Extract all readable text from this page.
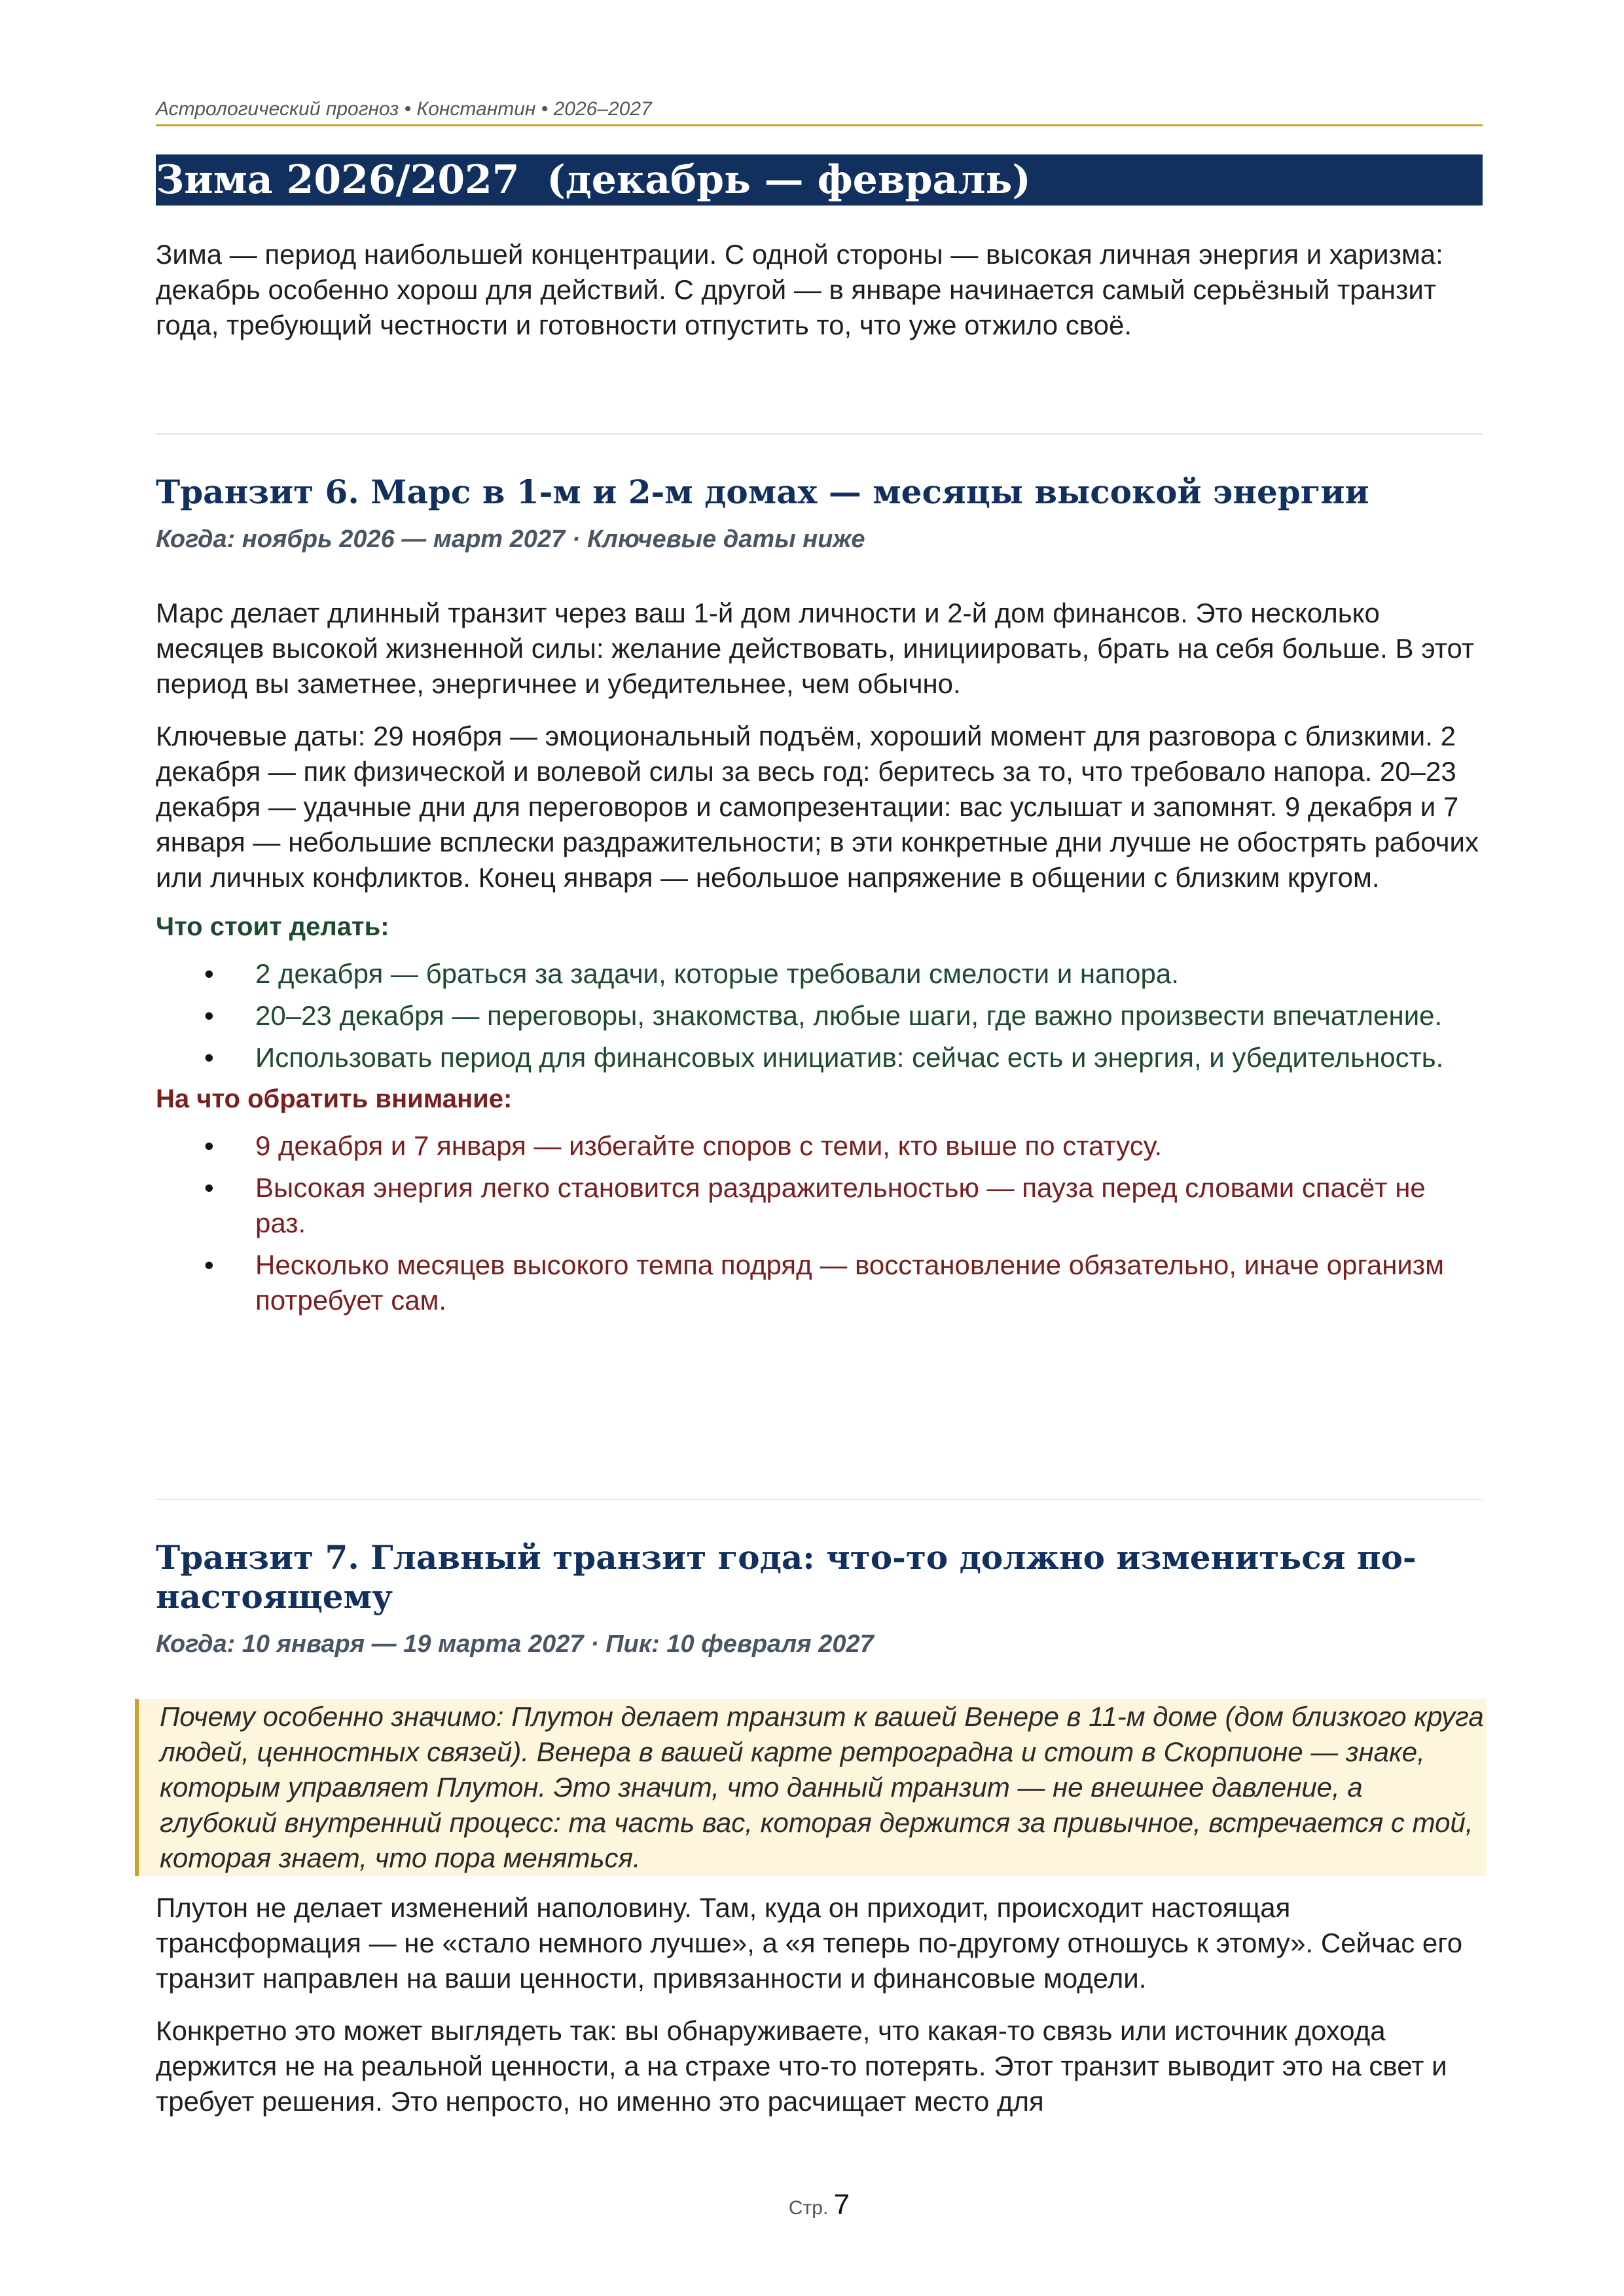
Астрологический прогноз • Константин • 2026–2027
Зима 2026/2027  (декабрь — февраль)

Зима — период наибольшей концентрации. С одной стороны — высокая личная энергия и харизма: декабрь особенно хорош для действий. С другой — в январе начинается самый серьёзный транзит года, требующий честности и готовности отпустить то, что уже отжило своё.

Транзит 6. Марс в 1-м и 2-м домах — месяцы высокой энергии

Когда: ноябрь 2026 — март 2027 · Ключевые даты ниже

Марс делает длинный транзит через ваш 1-й дом личности и 2-й дом финансов. Это несколько месяцев высокой жизненной силы: желание действовать, инициировать, брать на себя больше. В этот период вы заметнее, энергичнее и убедительнее, чем обычно.

Ключевые даты: 29 ноября — эмоциональный подъём, хороший момент для разговора с близкими. 2 декабря — пик физической и волевой силы за весь год: беритесь за то, что требовало напора. 20–23 декабря — удачные дни для переговоров и самопрезентации: вас услышат и запомнят. 9 декабря и 7 января — небольшие всплески раздражительности; в эти конкретные дни лучше не обострять рабочих или личных конфликтов. Конец января — небольшое напряжение в общении с близким кругом.

Что стоит делать:

• 2 декабря — браться за задачи, которые требовали смелости и напора.
• 20–23 декабря — переговоры, знакомства, любые шаги, где важно произвести впечатление.
• Использовать период для финансовых инициатив: сейчас есть и энергия, и убедительность.

На что обратить внимание:

• 9 декабря и 7 января — избегайте споров с теми, кто выше по статусу.
• Высокая энергия легко становится раздражительностью — пауза перед словами спасёт не раз.
• Несколько месяцев высокого темпа подряд — восстановление обязательно, иначе организм потребует сам.
Транзит 7. Главный транзит года: что-то должно измениться по-настоящему

Когда: 10 января — 19 марта 2027 · Пик: 10 февраля 2027

Почему особенно значимо: Плутон делает транзит к вашей Венере в 11-м доме (дом близкого круга людей, ценностных связей). Венера в вашей карте ретроградна и стоит в Скорпионе — знаке, которым управляет Плутон. Это значит, что данный транзит — не внешнее давление, а глубокий внутренний процесс: та часть вас, которая держится за привычное, встречается с той, которая знает, что пора меняться.

Плутон не делает изменений наполовину. Там, куда он приходит, происходит настоящая трансформация — не «стало немного лучше», а «я теперь по-другому отношусь к этому». Сейчас его транзит направлен на ваши ценности, привязанности и финансовые модели.

Конкретно это может выглядеть так: вы обнаруживаете, что какая-то связь или источник дохода держится не на реальной ценности, а на страхе что-то потерять. Этот транзит выводит это на свет и требует решения. Это непросто, но именно это расчищает место для

Стр. 7
